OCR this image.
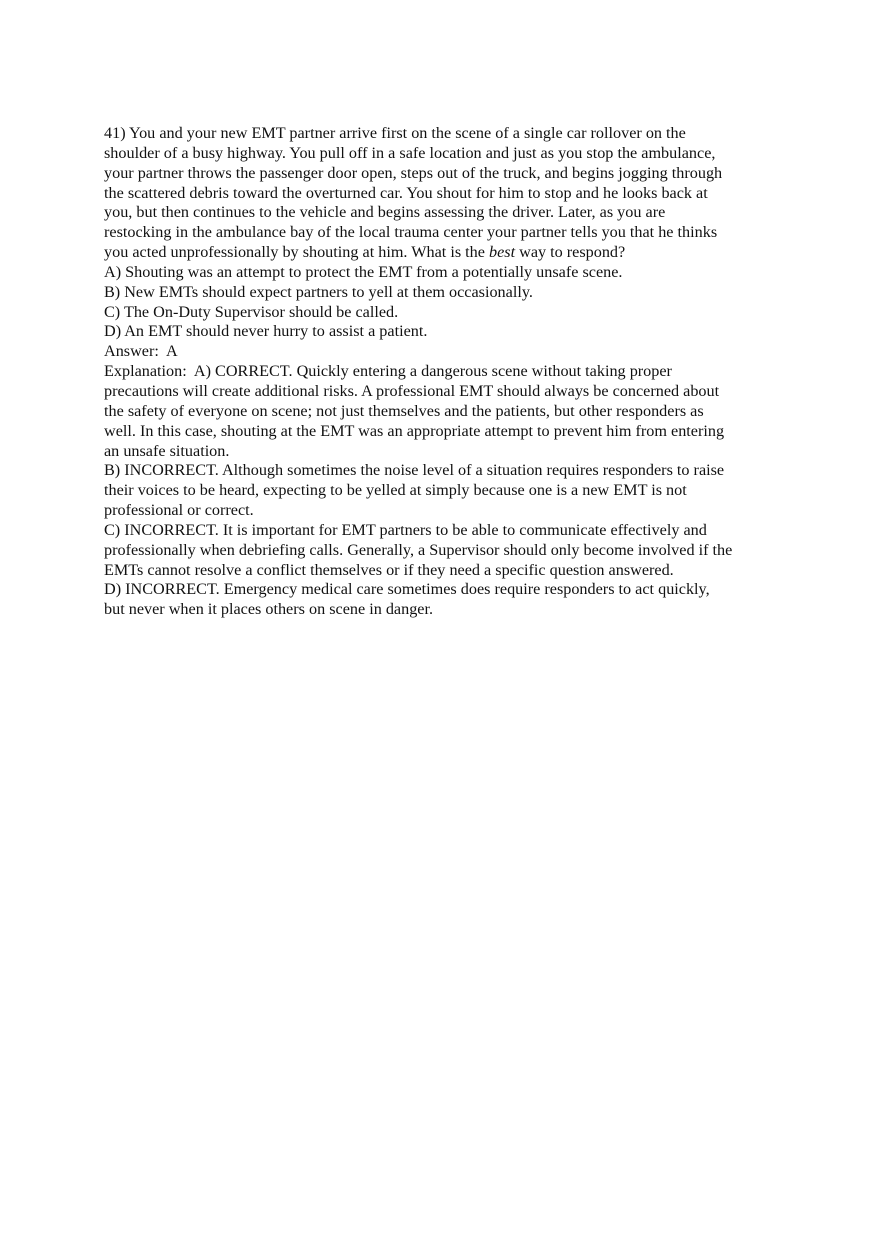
41) You and your new EMT partner arrive first on the scene of a single car rollover on the
shoulder of a busy highway. You pull off in a safe location and just as you stop the ambulance,
your partner throws the passenger door open, steps out of the truck, and begins jogging through
the scattered debris toward the overturned car. You shout for him to stop and he looks back at
you, but then continues to the vehicle and begins assessing the driver. Later, as you are
restocking in the ambulance bay of the local trauma center your partner tells you that he thinks
you acted unprofessionally by shouting at him. What is the best way to respond?
A) Shouting was an attempt to protect the EMT from a potentially unsafe scene.
B) New EMTs should expect partners to yell at them occasionally.
C) The On-Duty Supervisor should be called.
D) An EMT should never hurry to assist a patient.
Answer:  A
Explanation:  A) CORRECT. Quickly entering a dangerous scene without taking proper
precautions will create additional risks. A professional EMT should always be concerned about
the safety of everyone on scene; not just themselves and the patients, but other responders as
well. In this case, shouting at the EMT was an appropriate attempt to prevent him from entering
an unsafe situation.
B) INCORRECT. Although sometimes the noise level of a situation requires responders to raise
their voices to be heard, expecting to be yelled at simply because one is a new EMT is not
professional or correct.
C) INCORRECT. It is important for EMT partners to be able to communicate effectively and
professionally when debriefing calls. Generally, a Supervisor should only become involved if the
EMTs cannot resolve a conflict themselves or if they need a specific question answered.
D) INCORRECT. Emergency medical care sometimes does require responders to act quickly,
but never when it places others on scene in danger.
